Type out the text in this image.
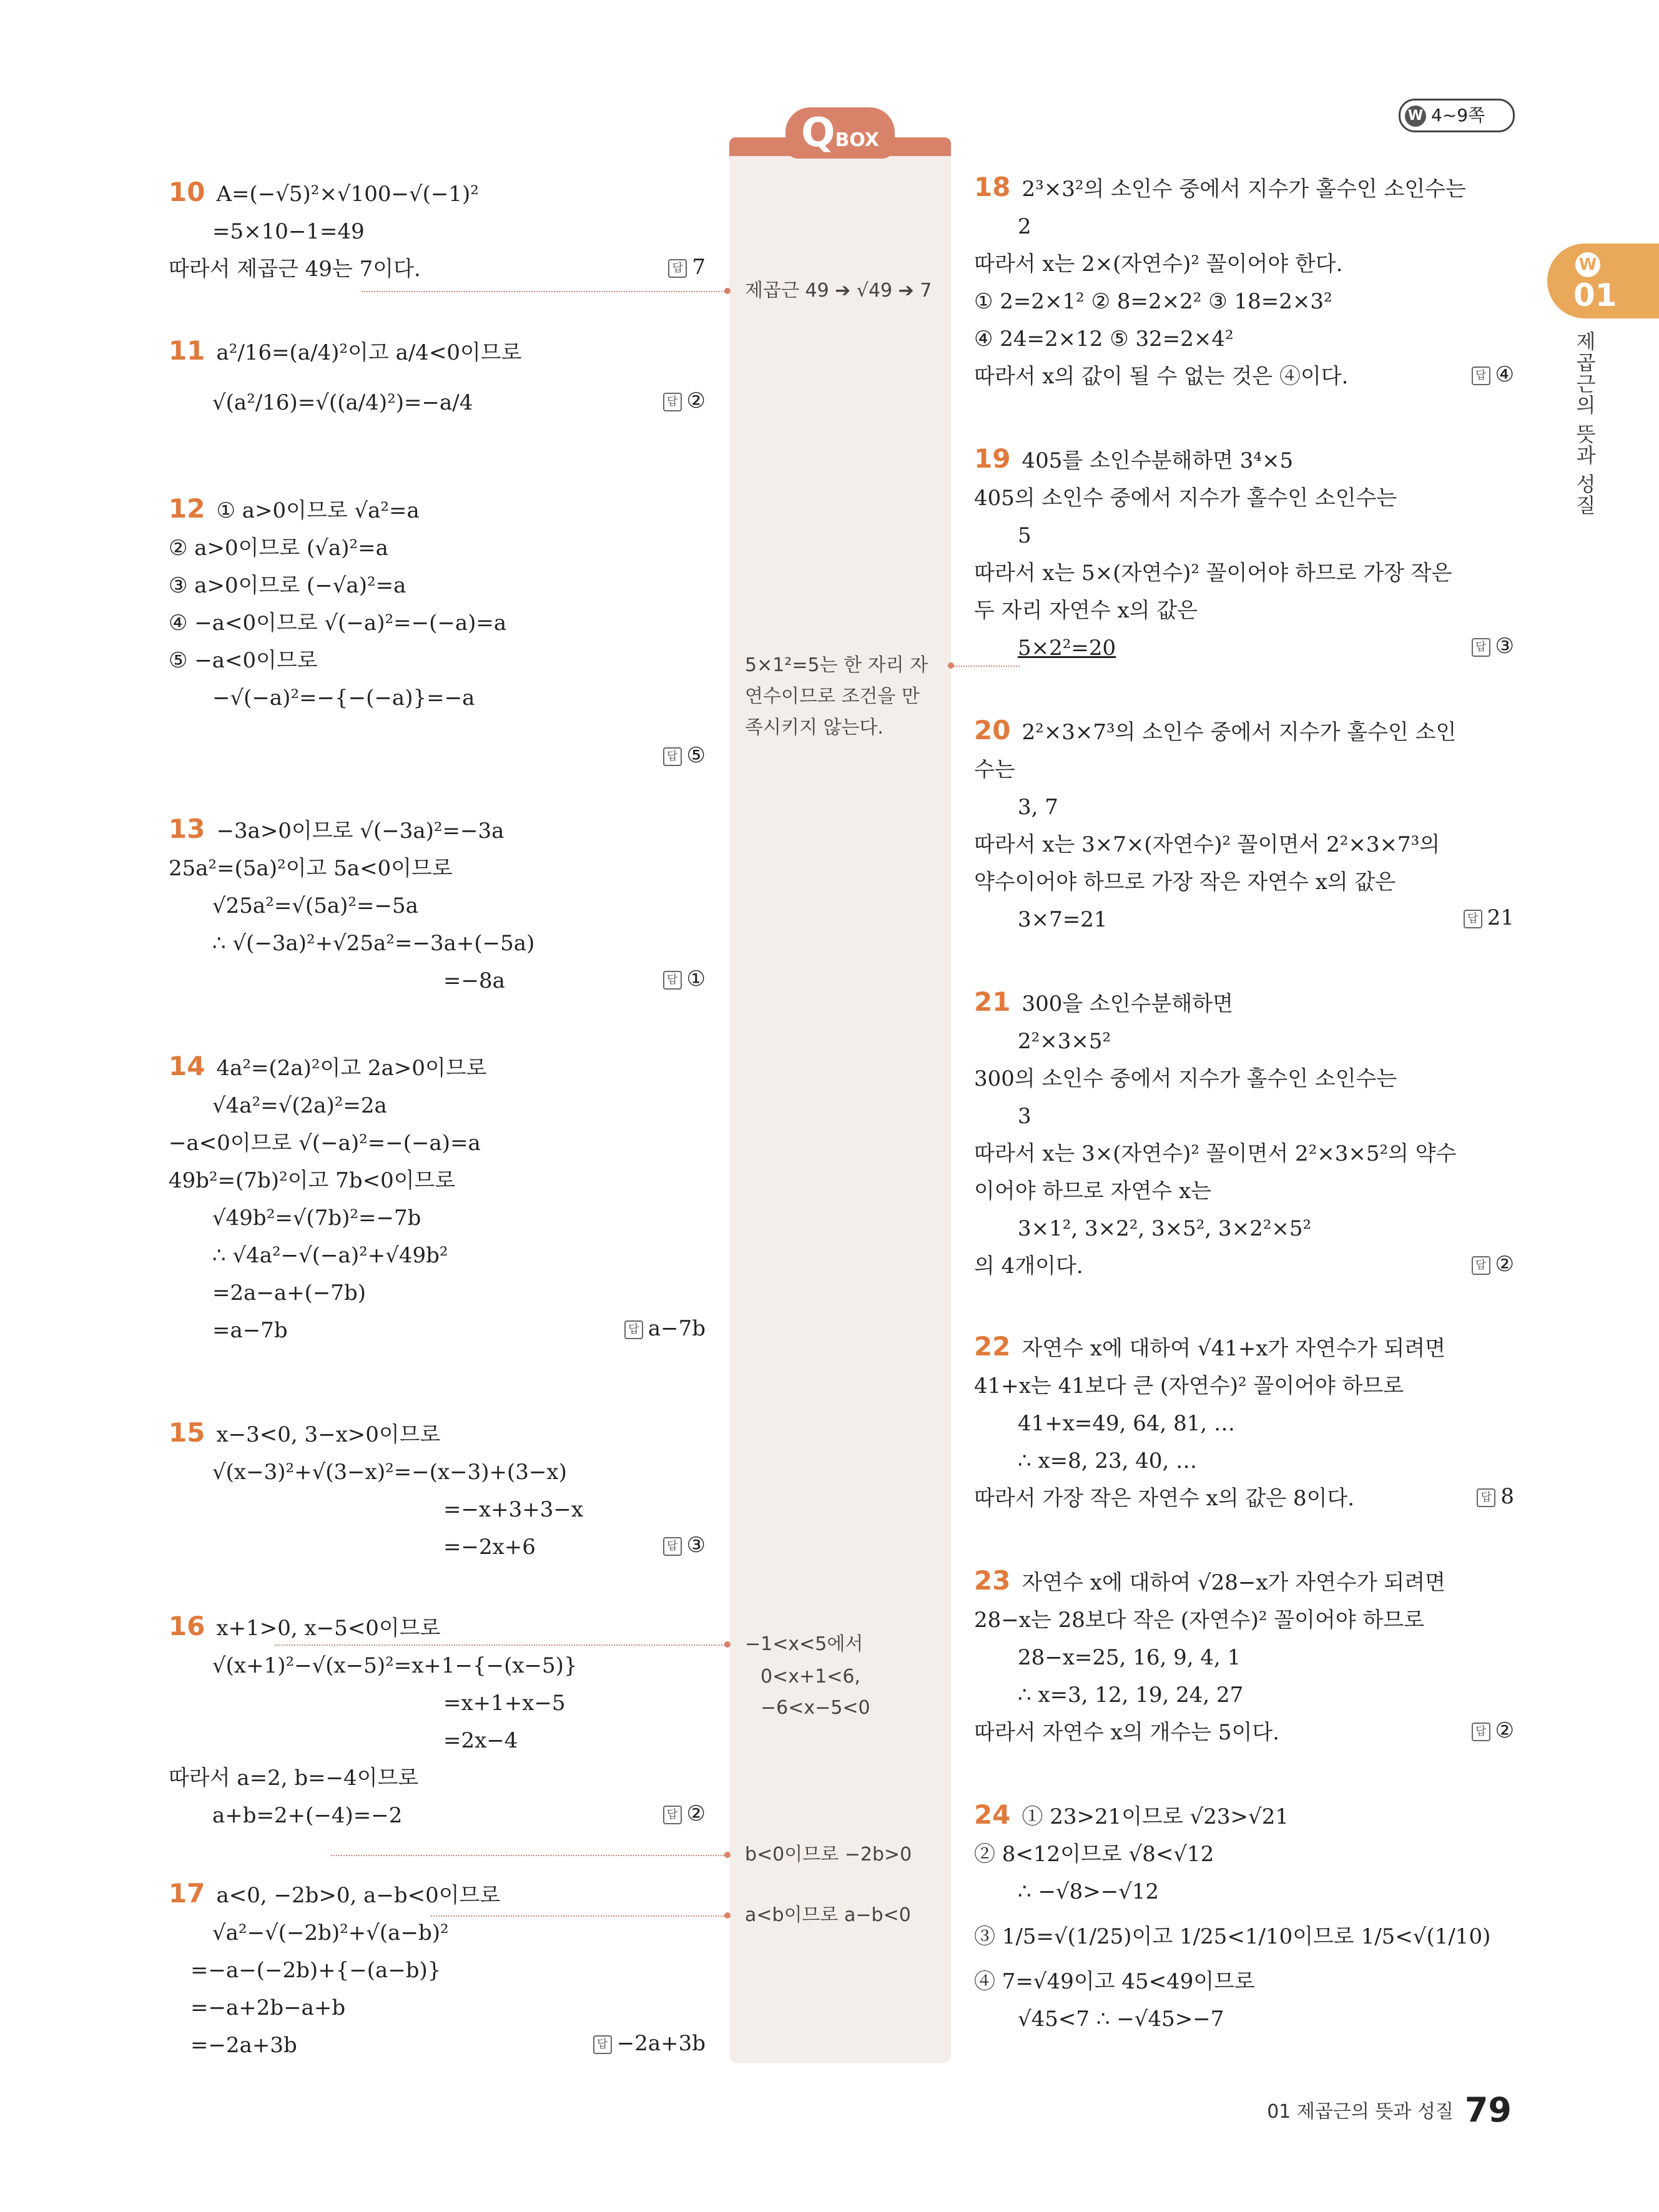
W 4~9쪽
W
01
제곱근의 뜻과 성질
QBOX
제곱근 49 ➔ √49 ➔ 7
5×1²=5는 한 자리 자
연수이므로 조건을 만
족시키지 않는다.
−1<x<5에서
0<x+1<6,
−6<x−5<0
b<0이므로 −2b>0
a<b이므로 a−b<0
10 A=(−√5)²×√100−√(−1)²
=5×10−1=49
따라서 제곱근 49는 7이다.	답 7
11 a²/16=(a/4)²이고 a/4<0이므로
√(a²/16)=√((a/4)²)=−a/4	답 ②
12 ① a>0이므로 √a²=a
② a>0이므로 (√a)²=a
③ a>0이므로 (−√a)²=a
④ −a<0이므로 √(−a)²=−(−a)=a
⑤ −a<0이므로
−√(−a)²=−{−(−a)}=−a
답 ⑤
13 −3a>0이므로 √(−3a)²=−3a
25a²=(5a)²이고 5a<0이므로
√25a²=√(5a)²=−5a
∴ √(−3a)²+√25a²=−3a+(−5a)
=−8a	답 ①
14 4a²=(2a)²이고 2a>0이므로
√4a²=√(2a)²=2a
−a<0이므로 √(−a)²=−(−a)=a
49b²=(7b)²이고 7b<0이므로
√49b²=√(7b)²=−7b
∴ √4a²−√(−a)²+√49b²
=2a−a+(−7b)
=a−7b	답 a−7b
15 x−3<0, 3−x>0이므로
√(x−3)²+√(3−x)²=−(x−3)+(3−x)
=−x+3+3−x
=−2x+6	답 ③
16 x+1>0, x−5<0이므로
√(x+1)²−√(x−5)²=x+1−{−(x−5)}
=x+1+x−5
=2x−4
따라서 a=2, b=−4이므로
a+b=2+(−4)=−2	답 ②
17 a<0, −2b>0, a−b<0이므로
√a²−√(−2b)²+√(a−b)²
=−a−(−2b)+{−(a−b)}
=−a+2b−a+b
=−2a+3b	답 −2a+3b
18 2³×3²의 소인수 중에서 지수가 홀수인 소인수는
2
따라서 x는 2×(자연수)² 꼴이어야 한다.
① 2=2×1² ② 8=2×2² ③ 18=2×3²
④ 24=2×12 ⑤ 32=2×4²
따라서 x의 값이 될 수 없는 것은 ④이다.	답 ④
19 405를 소인수분해하면 3⁴×5
405의 소인수 중에서 지수가 홀수인 소인수는
5
따라서 x는 5×(자연수)² 꼴이어야 하므로 가장 작은
두 자리 자연수 x의 값은
5×2²=20	답 ③
20 2²×3×7³의 소인수 중에서 지수가 홀수인 소인
수는
3, 7
따라서 x는 3×7×(자연수)² 꼴이면서 2²×3×7³의
약수이어야 하므로 가장 작은 자연수 x의 값은
3×7=21	답 21
21 300을 소인수분해하면
2²×3×5²
300의 소인수 중에서 지수가 홀수인 소인수는
3
따라서 x는 3×(자연수)² 꼴이면서 2²×3×5²의 약수
이어야 하므로 자연수 x는
3×1², 3×2², 3×5², 3×2²×5²
의 4개이다.	답 ②
22 자연수 x에 대하여 √41+x가 자연수가 되려면
41+x는 41보다 큰 (자연수)² 꼴이어야 하므로
41+x=49, 64, 81, …
∴ x=8, 23, 40, …
따라서 가장 작은 자연수 x의 값은 8이다.	답 8
23 자연수 x에 대하여 √28−x가 자연수가 되려면
28−x는 28보다 작은 (자연수)² 꼴이어야 하므로
28−x=25, 16, 9, 4, 1
∴ x=3, 12, 19, 24, 27
따라서 자연수 x의 개수는 5이다.	답 ②
24 ① 23>21이므로 √23>√21
② 8<12이므로 √8<√12
∴ −√8>−√12
③ 1/5=√(1/25)이고 1/25<1/10이므로 1/5<√(1/10)
④ 7=√49이고 45<49이므로
√45<7 ∴ −√45>−7
01 제곱근의 뜻과 성질 79
